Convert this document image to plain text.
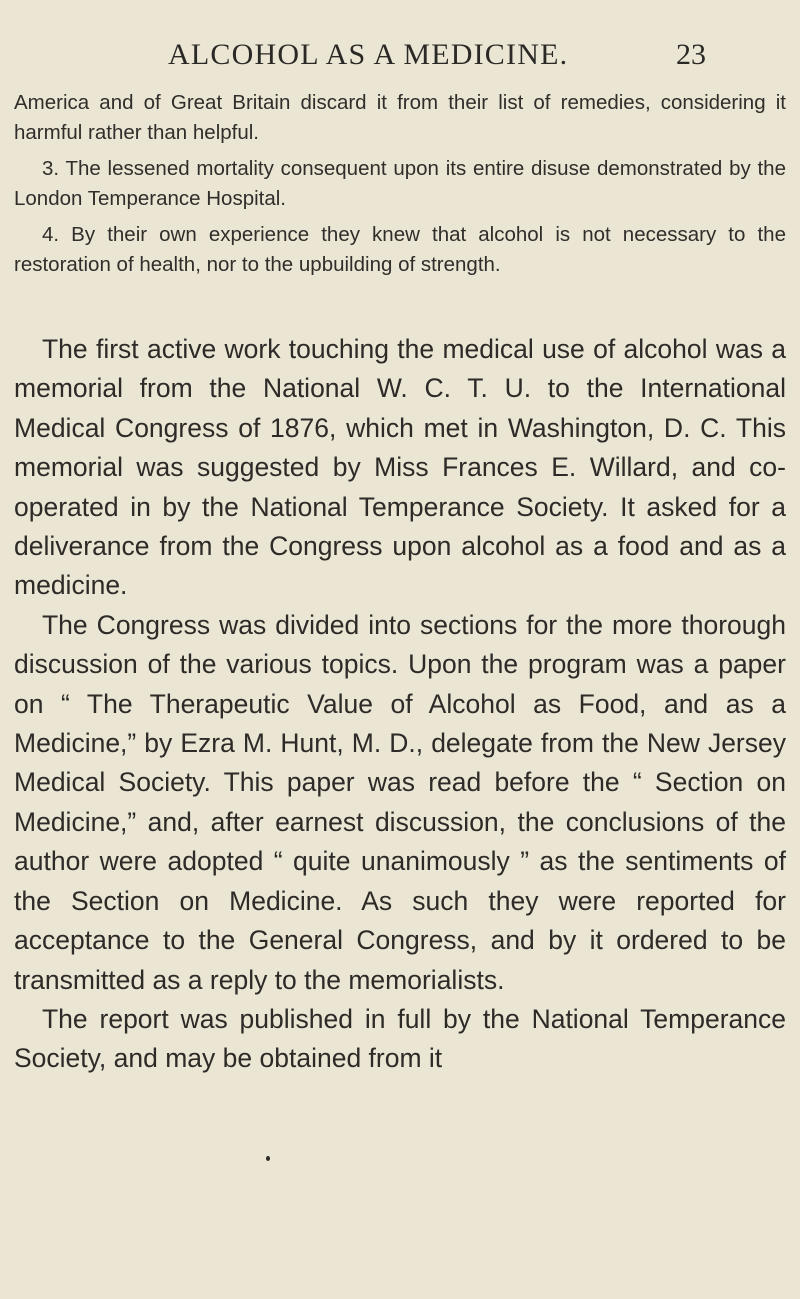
ALCOHOL AS A MEDICINE.	23

America and of Great Britain discard it from their list of remedies, considering it harmful rather than helpful.

3. The lessened mortality consequent upon its entire disuse demonstrated by the London Temperance Hospital.

4. By their own experience they knew that alcohol is not necessary to the restoration of health, nor to the upbuilding of strength.

The first active work touching the medical use of alcohol was a memorial from the National W. C. T. U. to the International Medical Congress of 1876, which met in Washington, D. C. This memorial was suggested by Miss Frances E. Willard, and co-operated in by the National Temperance Society. It asked for a deliverance from the Congress upon alcohol as a food and as a medicine.

The Congress was divided into sections for the more thorough discussion of the various topics. Upon the program was a paper on “ The Therapeutic Value of Alcohol as Food, and as a Medicine,” by Ezra M. Hunt, M. D., delegate from the New Jersey Medical Society. This paper was read before the “ Section on Medicine,” and, after earnest discussion, the conclusions of the author were adopted “ quite unanimously ” as the sentiments of the Section on Medicine. As such they were reported for acceptance to the General Congress, and by it ordered to be transmitted as a reply to the memorialists.

The report was published in full by the National Temperance Society, and may be obtained from it
